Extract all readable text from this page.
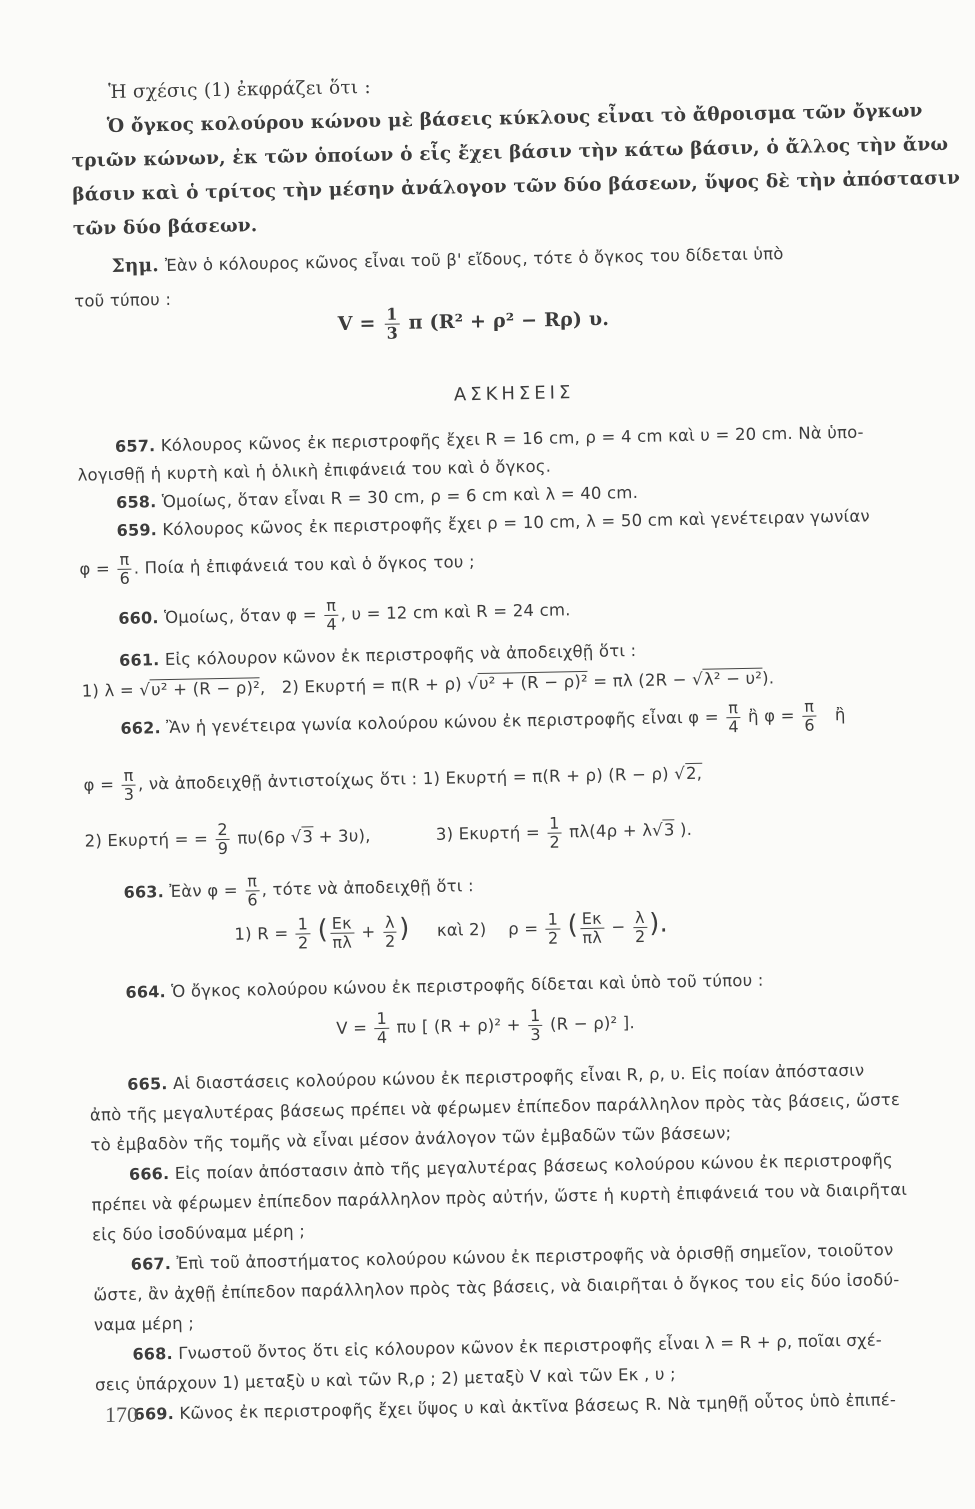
Ἡ σχέσις (1) ἐκφράζει ὅτι :
Ὁ ὄγκος κολούρου κώνου μὲ βάσεις κύκλους εἶναι τὸ ἄθροισμα τῶν ὄγκων
τριῶν κώνων, ἐκ τῶν ὁποίων ὁ εἷς ἔχει βάσιν τὴν κάτω βάσιν, ὁ ἄλλος τὴν ἄνω
βάσιν καὶ ὁ τρίτος τὴν μέσην ἀνάλογον τῶν δύο βάσεων, ὕψος δὲ τὴν ἀπόστασιν
τῶν δύο βάσεων.
Σημ. Ἐὰν ὁ κόλουρος κῶνος εἶναι τοῦ β' εἴδους, τότε ὁ ὄγκος του δίδεται ὑπὸ
τοῦ τύπου :
$V = \frac{1}{3}$ π (R² + ρ² − Rρ) υ.
ΑΣΚΗΣΕΙΣ
657. Κόλουρος κῶνος ἐκ περιστροφῆς ἔχει R = 16 cm, ρ = 4 cm καὶ υ = 20 cm. Νὰ ὑπο-
λογισθῇ ἡ κυρτὴ καὶ ἡ ὁλικὴ ἐπιφάνειά του καὶ ὁ ὄγκος.
658. Ὁμοίως, ὅταν εἶναι R = 30 cm, ρ = 6 cm καὶ λ = 40 cm.
659. Κόλουρος κῶνος ἐκ περιστροφῆς ἔχει ρ = 10 cm, λ = 50 cm καὶ γενέτειραν γωνίαν
$\varphi = \frac{\pi}{6}$ . Ποία ἡ ἐπιφάνειά του καὶ ὁ ὄγκος του ;
660. Ὁμοίως, ὅταν $\varphi = \frac{\pi}{4}$ , υ = 12 cm καὶ R = 24 cm.
661. Εἰς κόλουρον κῶνον ἐκ περιστροφῆς νὰ ἀποδειχθῇ ὅτι :
1) λ = √υ² + (R − ρ)², 2) Eκυρτή = π(R + ρ) √υ² + (R − ρ)² = πλ (2R − √λ² − υ²).
662. Ἂν ἡ γενέτειρα γωνία κολούρου κώνου ἐκ περιστροφῆς εἶναι $\varphi = \frac{\pi}{4}$ ἢ $\varphi = \frac{\pi}{6}$ ἢ
$\varphi = \frac{\pi}{3}$ , νὰ ἀποδειχθῇ ἀντιστοίχως ὅτι : 1) Eκυρτή = π(R + ρ) (R − ρ) √2,
2) Eκυρτή = = $\frac{2}{9} \pi\upsilon(6\rho$ √3 + 3υ),	3) $E\kappa\upsilon\rho\tau ή = \frac{1}{2} \pi\lambda(4\rho + \lambda√3$ ).
663. Ἐὰν $\varphi = \frac{\pi}{6}$ , τότε νὰ ἀποδειχθῇ ὅτι :
1) $R = \frac{1}{2}$ ( $\frac{E\kappa}{\pi\lambda} + \frac{\lambda}{2}$ ) καὶ 2) $\rho = \frac{1}{2}$ ( $\frac{E\kappa}{\pi\lambda} - \frac{\lambda}{2}$ ).
664. Ὁ ὄγκος κολούρου κώνου ἐκ περιστροφῆς δίδεται καὶ ὑπὸ τοῦ τύπου :
$V = \frac{1}{4}$ πυ [ $(R + \rho)^2 + \frac{1}{3} (R - \rho)^2$ ].
665. Αἱ διαστάσεις κολούρου κώνου ἐκ περιστροφῆς εἶναι R, ρ, υ. Εἰς ποίαν ἀπόστασιν
ἀπὸ τῆς μεγαλυτέρας βάσεως πρέπει νὰ φέρωμεν ἐπίπεδον παράλληλον πρὸς τὰς βάσεις, ὥστε
τὸ ἐμβαδὸν τῆς τομῆς νὰ εἶναι μέσον ἀνάλογον τῶν ἐμβαδῶν τῶν βάσεων;
666. Εἰς ποίαν ἀπόστασιν ἀπὸ τῆς μεγαλυτέρας βάσεως κολούρου κώνου ἐκ περιστροφῆς
πρέπει νὰ φέρωμεν ἐπίπεδον παράλληλον πρὸς αὐτήν, ὥστε ἡ κυρτὴ ἐπιφάνειά του νὰ διαιρῆται
εἰς δύο ἰσοδύναμα μέρη ;
667. Ἐπὶ τοῦ ἀποστήματος κολούρου κώνου ἐκ περιστροφῆς νὰ ὁρισθῇ σημεῖον, τοιοῦτον
ὥστε, ἂν ἀχθῇ ἐπίπεδον παράλληλον πρὸς τὰς βάσεις, νὰ διαιρῆται ὁ ὄγκος του εἰς δύο ἰσοδύ-
ναμα μέρη ;
668. Γνωστοῦ ὄντος ὅτι εἰς κόλουρον κῶνον ἐκ περιστροφῆς εἶναι λ = R + ρ, ποῖαι σχέ-
σεις ὑπάρχουν 1) μεταξὺ υ καὶ τῶν R,ρ ; 2) μεταξὺ V καὶ τῶν Eκ , υ ;
669. Κῶνος ἐκ περιστροφῆς ἔχει ὕψος υ καὶ ἀκτῖνα βάσεως R. Νὰ τμηθῇ οὗτος ὑπὸ ἐπιπέ-
170
